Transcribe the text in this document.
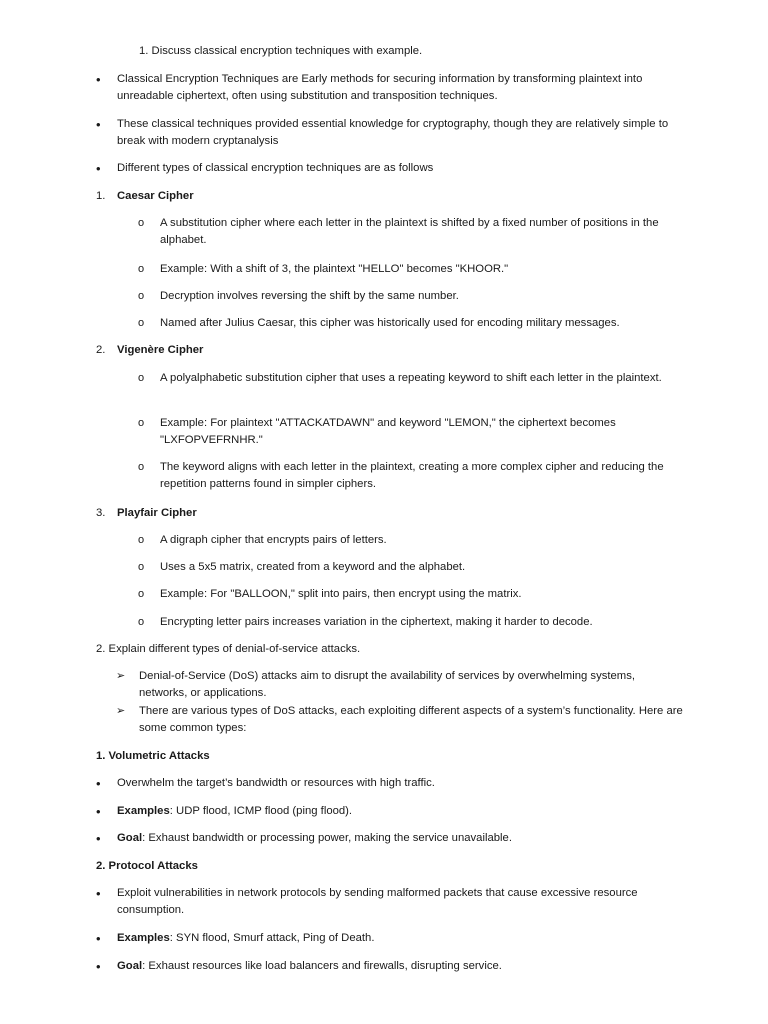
1. Discuss classical encryption techniques with example.
• Classical Encryption Techniques are Early methods for securing information by transforming plaintext into unreadable ciphertext, often using substitution and transposition techniques.
• These classical techniques provided essential knowledge for cryptography, though they are relatively simple to break with modern cryptanalysis
• Different types of classical encryption techniques are as follows
1. Caesar Cipher
o A substitution cipher where each letter in the plaintext is shifted by a fixed number of positions in the alphabet.
o Example: With a shift of 3, the plaintext "HELLO" becomes "KHOOR."
o Decryption involves reversing the shift by the same number.
o Named after Julius Caesar, this cipher was historically used for encoding military messages.
2. Vigenère Cipher
o A polyalphabetic substitution cipher that uses a repeating keyword to shift each letter in the plaintext.
o Example: For plaintext "ATTACKATDAWN" and keyword "LEMON," the ciphertext becomes "LXFOPVEFRNHR."
o The keyword aligns with each letter in the plaintext, creating a more complex cipher and reducing the repetition patterns found in simpler ciphers.
3. Playfair Cipher
o A digraph cipher that encrypts pairs of letters.
o Uses a 5x5 matrix, created from a keyword and the alphabet.
o Example: For "BALLOON," split into pairs, then encrypt using the matrix.
o Encrypting letter pairs increases variation in the ciphertext, making it harder to decode.
2. Explain different types of denial-of-service attacks.
➢ Denial-of-Service (DoS) attacks aim to disrupt the availability of services by overwhelming systems, networks, or applications.
➢ There are various types of DoS attacks, each exploiting different aspects of a system’s functionality. Here are some common types:
1. Volumetric Attacks
• Overwhelm the target’s bandwidth or resources with high traffic.
• Examples: UDP flood, ICMP flood (ping flood).
• Goal: Exhaust bandwidth or processing power, making the service unavailable.
2. Protocol Attacks
• Exploit vulnerabilities in network protocols by sending malformed packets that cause excessive resource consumption.
• Examples: SYN flood, Smurf attack, Ping of Death.
• Goal: Exhaust resources like load balancers and firewalls, disrupting service.
